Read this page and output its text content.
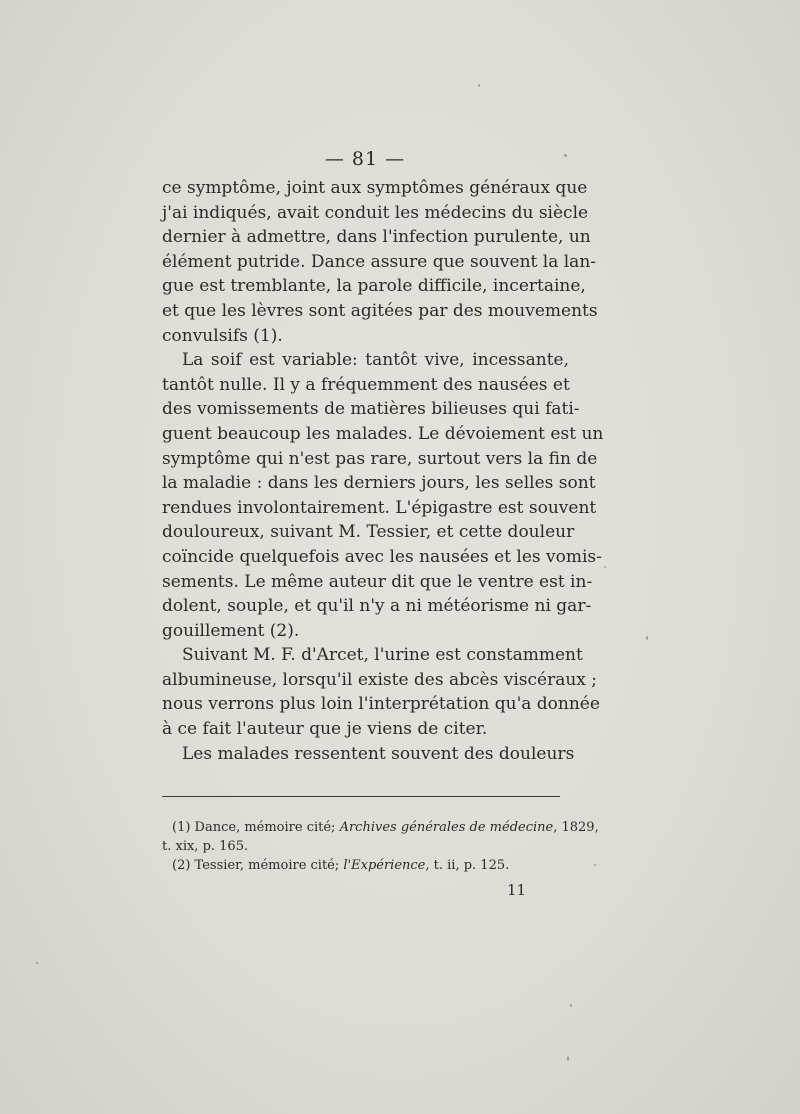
— 81 —

ce symptôme, joint aux symptômes généraux que
j'ai indiqués, avait conduit les médecins du siècle
dernier à admettre, dans l'infection purulente, un
élément putride. Dance assure que souvent la lan-
gue est tremblante, la parole difficile, incertaine,
et que les lèvres sont agitées par des mouvements
convulsifs (1).
La soif est variable: tantôt vive, incessante,
tantôt nulle. Il y a fréquemment des nausées et
des vomissements de matières bilieuses qui fati-
guent beaucoup les malades. Le dévoiement est un
symptôme qui n'est pas rare, surtout vers la fin de
la maladie : dans les derniers jours, les selles sont
rendues involontairement. L'épigastre est souvent
douloureux, suivant M. Tessier, et cette douleur
coïncide quelquefois avec les nausées et les vomis-
sements. Le même auteur dit que le ventre est in-
dolent, souple, et qu'il n'y a ni météorisme ni gar-
gouillement (2).
Suivant M. F. d'Arcet, l'urine est constamment
albumineuse, lorsqu'il existe des abcès viscéraux ;
nous verrons plus loin l'interprétation qu'a donnée
à ce fait l'auteur que je viens de citer.
Les malades ressentent souvent des douleurs
(1) Dance, mémoire cité; Archives générales de médecine, 1829,
t. xix, p. 165.
(2) Tessier, mémoire cité; l'Expérience, t. ii, p. 125.

11
